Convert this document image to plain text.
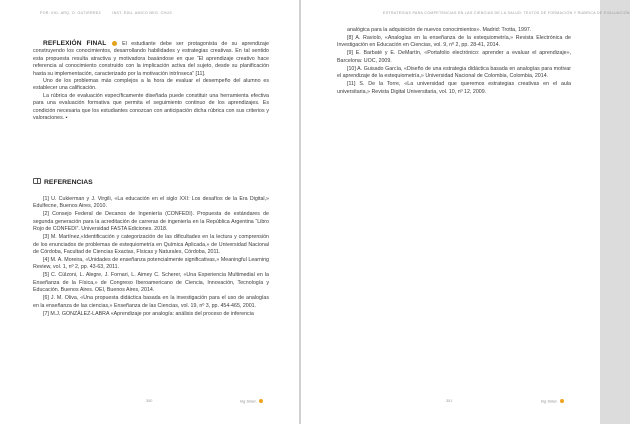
POR: KID. ARQ. O. GUTIERREZ	INST. EDU. AMICO NEG. CHUS

REFLEXIÓN FINAL	El estudiante debe ser protagonista de su aprendizaje construyendo los conocimientos, desarrollando habilidades y estrategias creativas. En tal sentido esta propuesta resulta atractiva y motivadora basándose en que “El aprendizaje creativo hace referencia al conocimiento construido con la implicación activa del sujeto, desde su planificación hasta su implementación, caracterizado por la motivación intrínseca” [11].

Uno de los problemas más complejos a la hora de evaluar el desempeño del alumno es establecer una calificación.

La rúbrica de evaluación específicamente diseñada puede constituir una herramienta efectiva para una evaluación formativa que permita el seguimiento continuo de los aprendizajes. Es condición necesaria que los estudiantes conozcan con anticipación dicha rúbrica con sus criterios y valoraciones. ▪

REFERENCIAS

[1] U. Cukierman y J. Virgili, «La educación en el siglo XXI: Los desafíos de la Era Digital,» Edulfecne, Buenos Aires, 2010.

[2] Consejo Federal de Decanos de Ingeniería (CONFEDI). Propuesta de estándares de segunda generación para la acreditación de carreras de ingeniería en la República Argentina “Libro Rojo de CONFEDI”. Universidad FASTA Ediciones. 2018.

[3] M. Martínez,«Identificación y categorización de las dificultades en la lectura y comprensión de los enunciados de problemas de estequiometría en Química Aplicada,» de Universidad Nacional de Córdoba, Facultad de Ciencias Exactas, Físicas y Naturales, Córdoba, 2011.

[4] M. A. Moreira, «Unidades de enseñanza potencialmente significativas,» Meaningful Learning Review, vol. 1, nº 2, pp. 43-63, 2011.

[5] C. Cúlzoni, L. Alegre, J. Fornari, L. Aimey C. Scherer, «Una Experiencia Multimedial en la Enseñanza de la Física,» de Congreso Iberoamericano de Ciencia, Innovación, Tecnología y Educación. Buenos Aires. OEI, Buenos Aires, 2014.

[6] J. M. Oliva, «Una propuesta didáctica basada en la investigación para el uso de analogías en la enseñanza de las ciencias,» Enseñanza de las Ciencias, vol. 19, nº 3, pp. 454-465, 2001.

[7] M.J. GONZÁLEZ-LABRA «Aprendizaje por analogía: análisis del proceso de inferencia

350	Ing Soluc.
ESTRATEGIAS PARA COMPETENCIAS EN LAS CIENCIAS DE LA SALUD: TEXTOS DE FORMACIÓN Y RUBRICA DE EVALUACIÓN

analógica para la adquisición de nuevos conocimientos». Madrid: Trotta, 1997.

[8] A. Raviolo, «Analogías en la enseñanza de la estequiometría,» Revista Electrónica de Investigación en Educación en Ciencias, vol. 9, nº 2, pp. 28-41, 2014.

[9] E. Barbaté y E. DeMartín, «Portafolio electrónico: aprender a evaluar el aprendizaje», Barcelona: UOC, 2009.

[10] A. Guisado García, «Diseño de una estrategia didáctica basada en analogías para motivar el aprendizaje de la estequiometría,» Universidad Nacional de Colombia, Colombia, 2014.

[11] S. De la Torre, «La universidad que queremos estrategias creativas en el aula universitaria,» Revista Digital Universitaria, vol. 10, nº 12, 2009.

351	Ing Soluc.
